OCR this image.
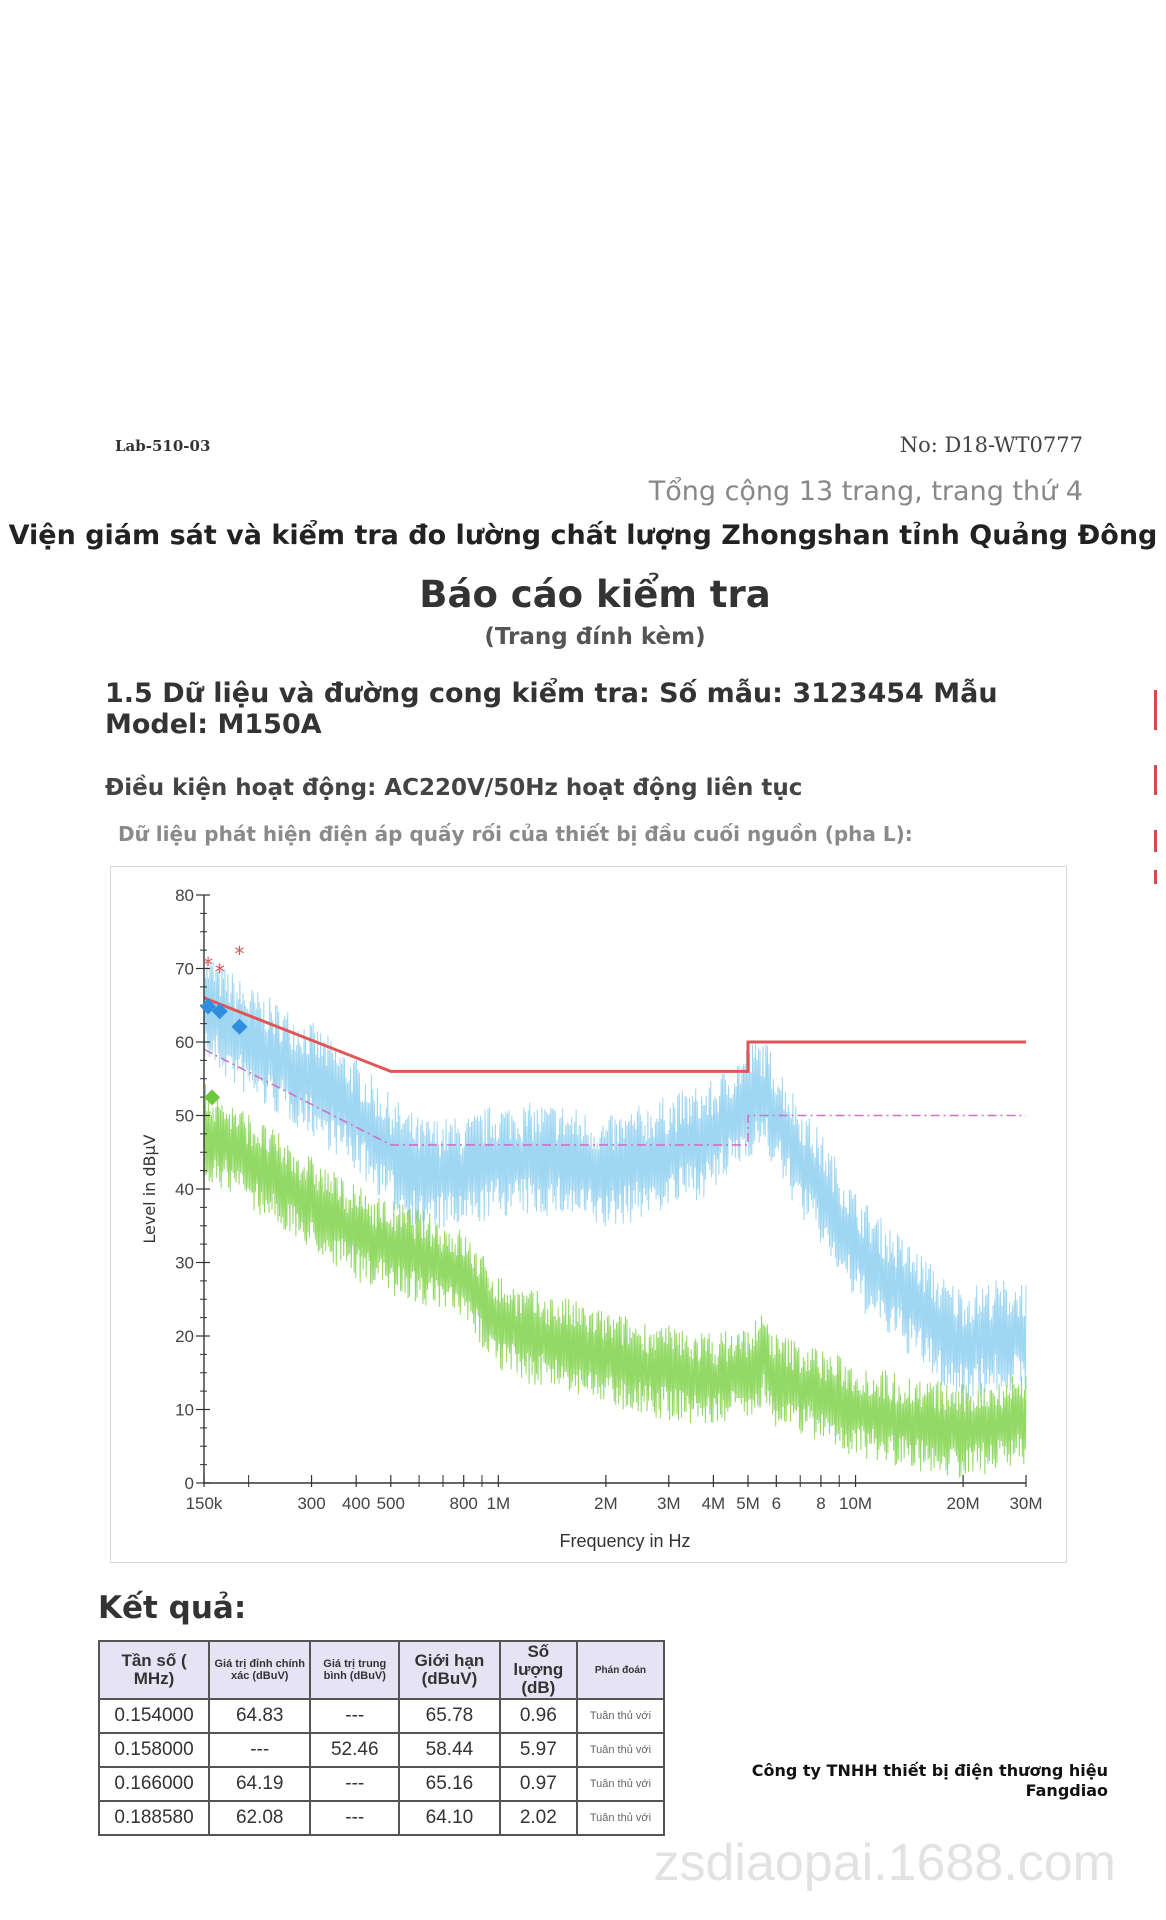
Lab-510-03	No: D18-WT0777
Tổng cộng 13 trang, trang thứ 4
Viện giám sát và kiểm tra đo lường chất lượng Zhongshan tỉnh Quảng Đông
Báo cáo kiểm tra
(Trang đính kèm)
1.5 Dữ liệu và đường cong kiểm tra: Số mẫu: 3123454 Mẫu Model: M150A
Điều kiện hoạt động: AC220V/50Hz hoạt động liên tục
Dữ liệu phát hiện điện áp quấy rối của thiết bị đầu cuối nguồn (pha L):
0
10
20
30
40
50
60
70
80
150k	300 400 500	800 1M	2M 3M 4M 5M 6 8 10M	20M 30M
Frequency in Hz
Level in dBµV
* *
*
Kết quả:
Tần số ( MHz)	Giá trị đỉnh chính xác (dBuV)	Giá trị trung bình (dBuV)	Giới hạn (dBuV)	Số lượng (dB)	Phán đoán
0.154000	64.83	---	65.78	0.96	Tuân thủ với
0.158000	---	52.46	58.44	5.97	Tuân thủ với
0.166000	64.19	---	65.16	0.97	Tuân thủ với
0.188580	62.08	---	64.10	2.02	Tuân thủ với
Công ty TNHH thiết bị điện thương hiệu Fangdiao
zsdiaopai.1688.com
